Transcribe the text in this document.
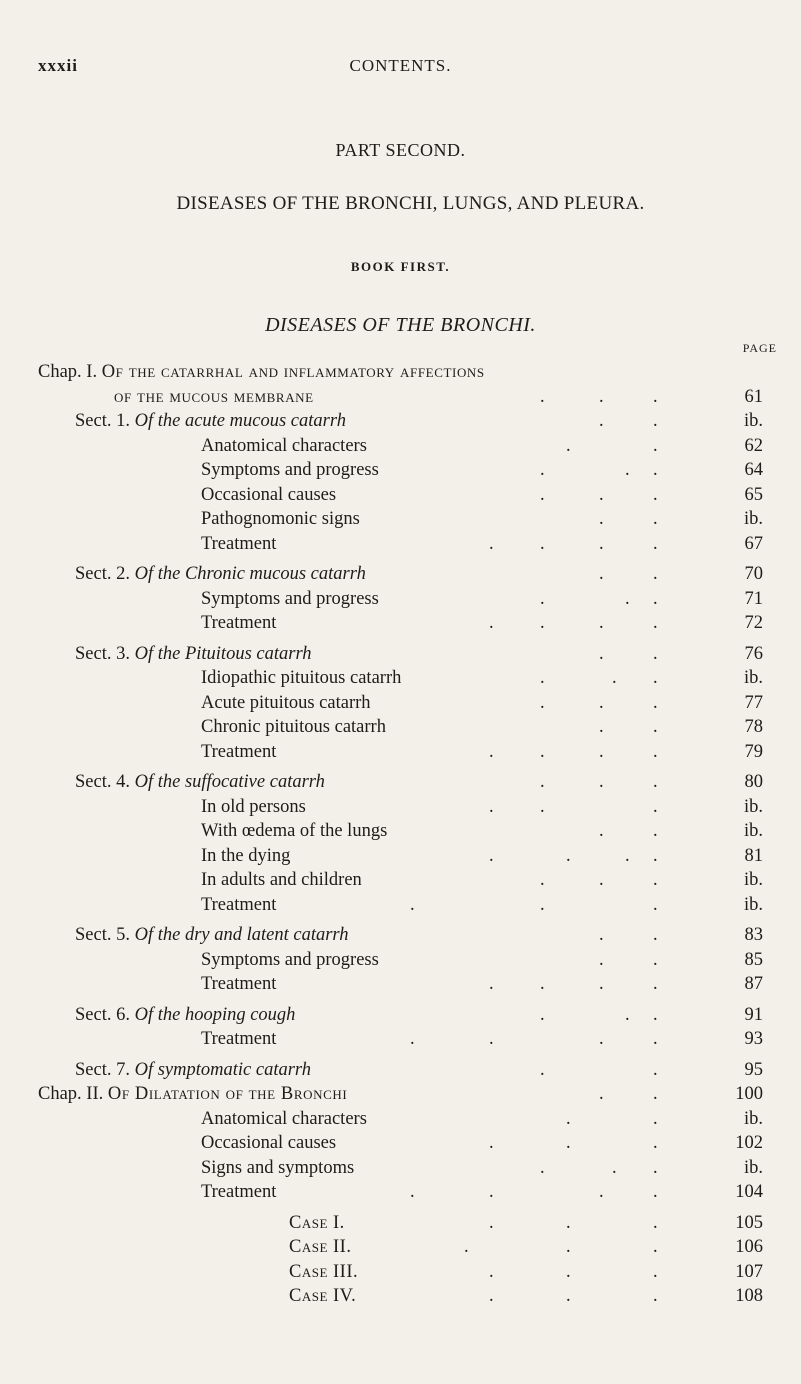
xxxii	CONTENTS.
PART SECOND.
DISEASES OF THE BRONCHI, LUNGS, AND PLEURA.
BOOK FIRST.
DISEASES OF THE BRONCHI.
PAGE
Chap. I. Of the catarrhal and inflammatory affections
of the mucous membrane	.	.	.	61
Sect. 1. Of the acute mucous catarrh	.	.	ib.
Anatomical characters	.	.	62
Symptoms and progress	.	. .	64
Occasional causes	.	.	.	65
Pathognomonic signs	.	.	ib.
Treatment	.	.	.	.	67
Sect. 2. Of the Chronic mucous catarrh	.	.	70
Symptoms and progress	.	. .	71
Treatment	.	.	.	.	72
Sect. 3. Of the Pituitous catarrh	.	.	76
Idiopathic pituitous catarrh	.	. .	ib.
Acute pituitous catarrh	.	.	.	77
Chronic pituitous catarrh	.	.	78
Treatment	.	.	.	.	79
Sect. 4. Of the suffocative catarrh	.	.	.	80
In old persons	.	.	.	ib.
With œdema of the lungs	.	.	ib.
In the dying	.	.	. .	81
In adults and children	.	.	.	ib.
Treatment	.	.	.	ib.
Sect. 5. Of the dry and latent catarrh	.	.	83
Symptoms and progress	.	.	85
Treatment	.	.	.	.	87
Sect. 6. Of the hooping cough	.	. .	91
Treatment	.	.	.	.	93
Sect. 7. Of symptomatic catarrh	.	.	95
Chap. II. Of Dilatation of the Bronchi	.	.	100
Anatomical characters	.	.	ib.
Occasional causes	.	.	.	102
Signs and symptoms	.	. .	ib.
Treatment	.	.	.	.	104
Case I.	.	.	.	105
Case II.	.	.	.	106
Case III.	.	.	.	107
Case IV.	.	.	.	108
